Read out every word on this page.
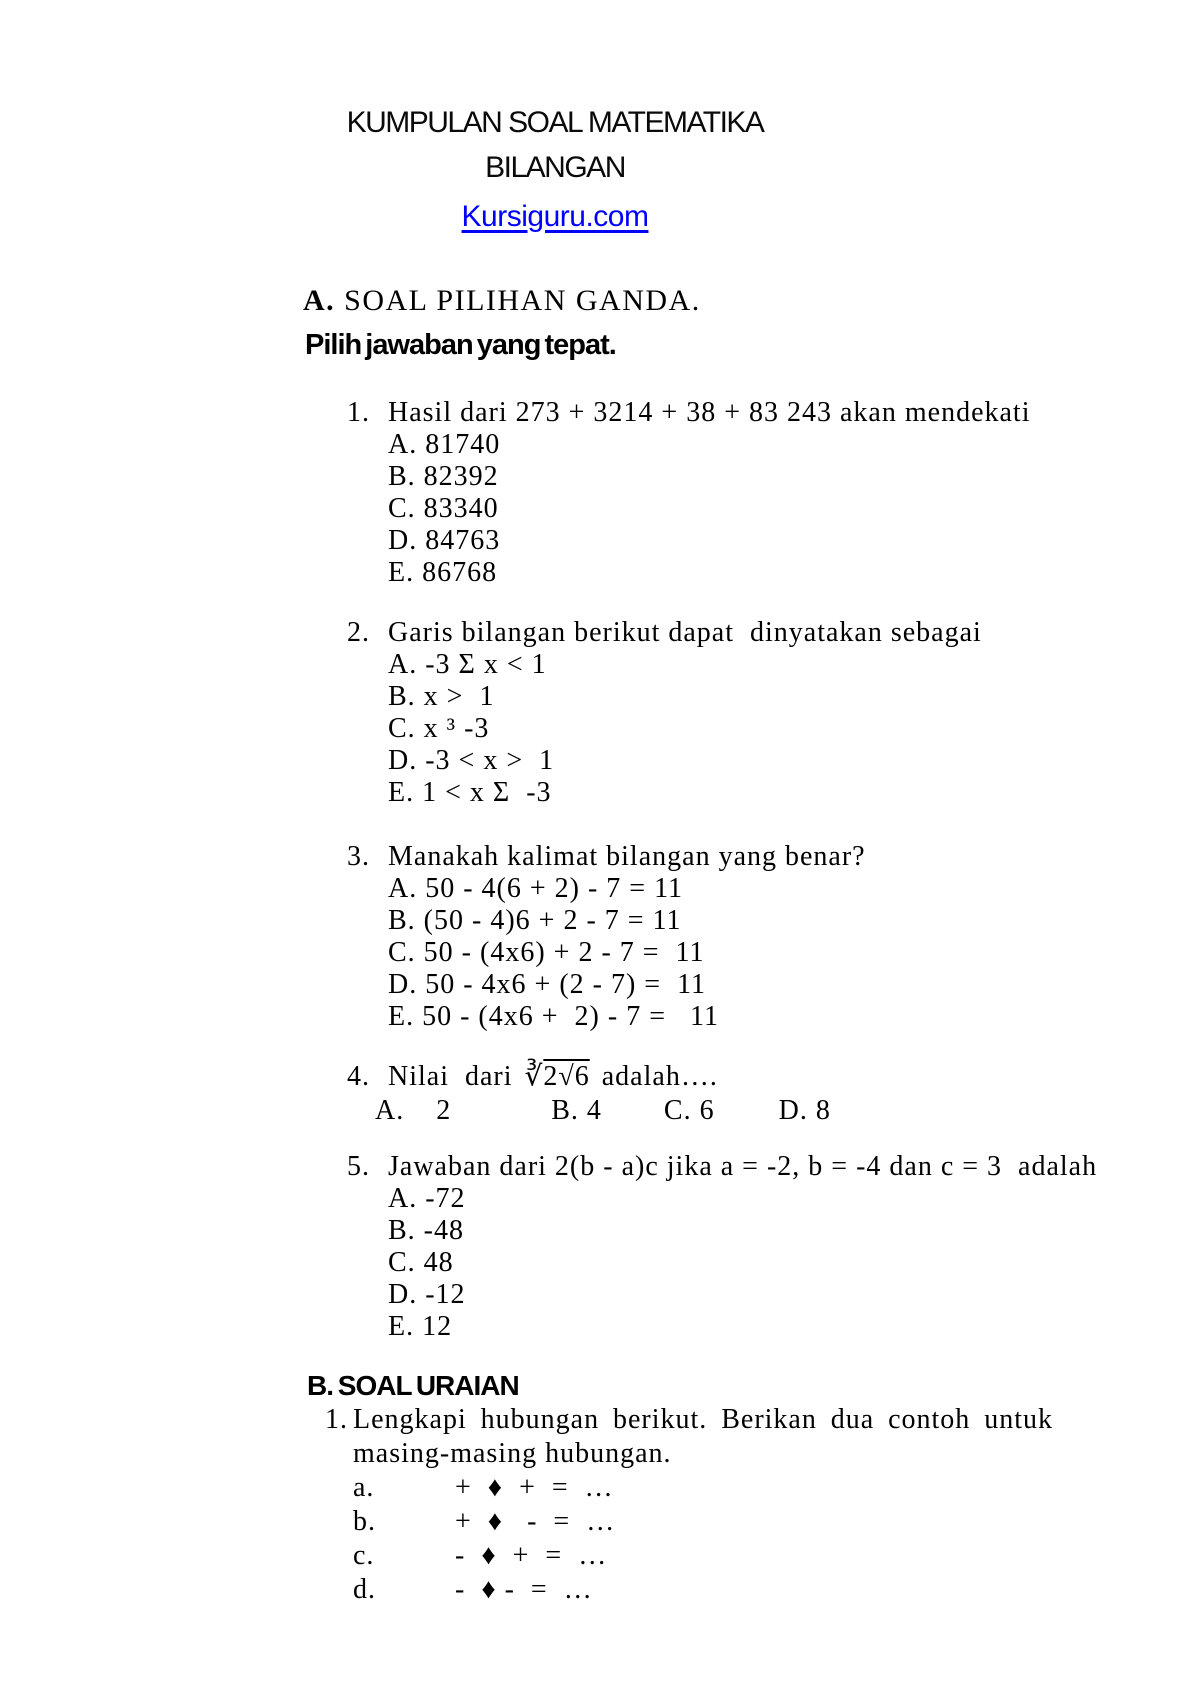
KUMPULAN SOAL MATEMATIKA
BILANGAN
Kursiguru.com
A. SOAL PILIHAN GANDA.
Pilih jawaban yang tepat.
1. Hasil dari 273 + 3214 + 38 + 83 243 akan mendekati
A. 81740
B. 82392
C. 83340
D. 84763
E. 86768
2. Garis bilangan berikut dapat  dinyatakan sebagai
A. -3 Σ x < 1
B. x >  1
C. x ³ -3
D. -3 < x >  1
E. 1 < x Σ  -3
3. Manakah kalimat bilangan yang benar?
A. 50 - 4(6 + 2) - 7 = 11
B. (50 - 4)6 + 2 - 7 = 11
C. 50 - (4x6) + 2 - 7 =  11
D. 50 - 4x6 + (2 - 7) =  11
E. 50 - (4x6 +  2) - 7 =   11
4. Nilai  dari ∛2√6 adalah….
A.    2	B. 4 C. 6 D. 8
5. Jawaban dari 2(b - a)c jika a = -2, b = -4 dan c = 3  adalah
A. -72
B. -48
C. 48
D. -12
E. 12
B. SOAL URAIAN
1. Lengkapi hubungan berikut. Berikan dua contoh untuk masing-masing hubungan.
a.	+  ♦  +  =  …
b.	+  ♦   -  =  …
c.	-  ♦  +  =  …
d.	-  ♦ -  =  …
